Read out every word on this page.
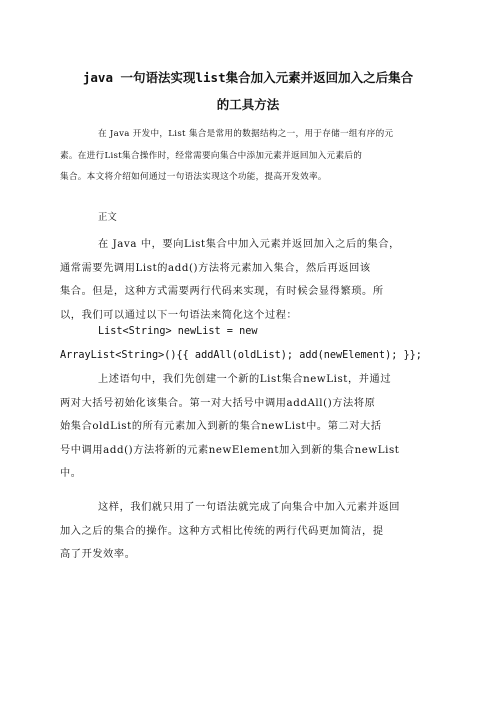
java 一句语法实现list集合加入元素并返回加入之后集合
的工具方法

在 Java 开发中，List 集合是常用的数据结构之一，用于存储一组有序的元
素。在进行List集合操作时，经常需要向集合中添加元素并返回加入元素后的
集合。本文将介绍如何通过一句语法实现这个功能，提高开发效率。

正文

在 Java 中，要向List集合中加入元素并返回加入之后的集合，
通常需要先调用List的add()方法将元素加入集合，然后再返回该
集合。但是，这种方式需要两行代码来实现，有时候会显得繁琐。所
以，我们可以通过以下一句语法来简化这个过程：

List<String> newList = new
ArrayList<String>(){{ addAll(oldList); add(newElement); }};

上述语句中，我们先创建一个新的List集合newList，并通过
两对大括号初始化该集合。第一对大括号中调用addAll()方法将原
始集合oldList的所有元素加入到新的集合newList中。第二对大括
号中调用add()方法将新的元素newElement加入到新的集合newList
中。

这样，我们就只用了一句语法就完成了向集合中加入元素并返回
加入之后的集合的操作。这种方式相比传统的两行代码更加简洁，提
高了开发效率。
